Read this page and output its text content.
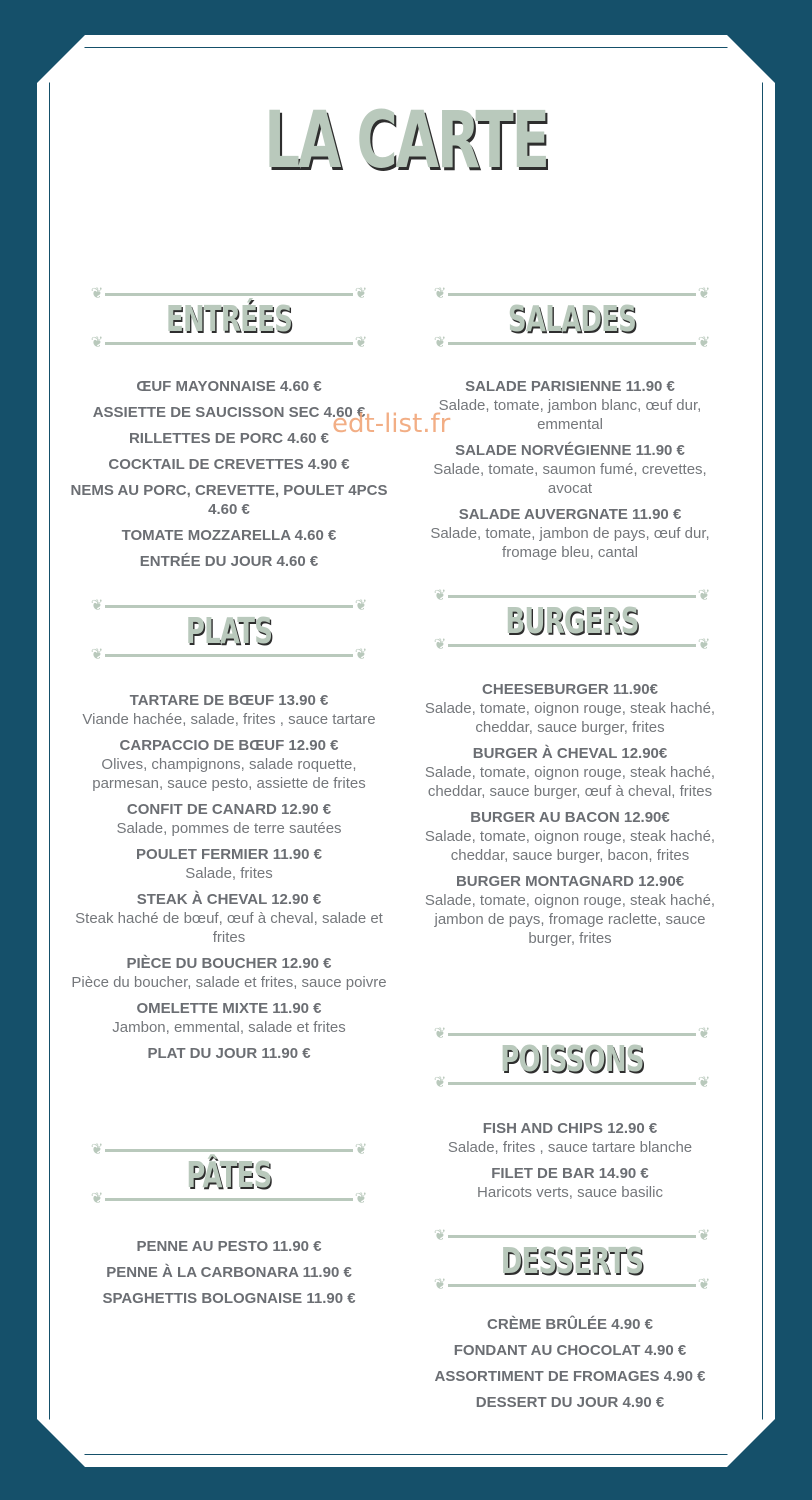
LA CARTE
❦	❦
❦	❦
ENTRÉES
ŒUF MAYONNAISE 4.60 €
ASSIETTE DE SAUCISSON SEC 4.60 €
RILLETTES DE PORC 4.60 €
COCKTAIL DE CREVETTES 4.90 €
NEMS AU PORC, CREVETTE, POULET 4PCS 4.60 €
TOMATE MOZZARELLA 4.60 €
ENTRÉE DU JOUR 4.60 €
❦	❦
❦	❦
PLATS
TARTARE DE BŒUF 13.90 €
Viande hachée, salade, frites , sauce tartare
CARPACCIO DE BŒUF 12.90 €
Olives, champignons, salade roquette, parmesan, sauce pesto, assiette de frites
CONFIT DE CANARD 12.90 €
Salade, pommes de terre sautées
POULET FERMIER 11.90 €
Salade, frites
STEAK À CHEVAL 12.90 €
Steak haché de bœuf, œuf à cheval, salade et frites
PIÈCE DU BOUCHER 12.90 €
Pièce du boucher, salade et frites, sauce poivre
OMELETTE MIXTE 11.90 €
Jambon, emmental, salade et frites
PLAT DU JOUR 11.90 €
❦	❦
❦	❦
PÂTES
PENNE AU PESTO 11.90 €
PENNE À LA CARBONARA 11.90 €
SPAGHETTIS BOLOGNAISE 11.90 €
❦	❦
❦	❦
SALADES
SALADE PARISIENNE 11.90 €
Salade, tomate, jambon blanc, œuf dur, emmental
SALADE NORVÉGIENNE 11.90 €
Salade, tomate, saumon fumé, crevettes, avocat
SALADE AUVERGNATE 11.90 €
Salade, tomate, jambon de pays, œuf dur, fromage bleu, cantal
❦	❦
❦	❦
BURGERS
CHEESEBURGER 11.90€
Salade, tomate, oignon rouge, steak haché, cheddar, sauce burger, frites
BURGER À CHEVAL 12.90€
Salade, tomate, oignon rouge, steak haché, cheddar, sauce burger, œuf à cheval, frites
BURGER AU BACON 12.90€
Salade, tomate, oignon rouge, steak haché, cheddar, sauce burger, bacon, frites
BURGER MONTAGNARD 12.90€
Salade, tomate, oignon rouge, steak haché, jambon de pays, fromage raclette, sauce burger, frites
❦	❦
❦	❦
POISSONS
FISH AND CHIPS 12.90 €
Salade, frites , sauce tartare blanche
FILET DE BAR 14.90 €
Haricots verts, sauce basilic
❦	❦
❦	❦
DESSERTS
CRÈME BRÛLÉE 4.90 €
FONDANT AU CHOCOLAT 4.90 €
ASSORTIMENT DE FROMAGES 4.90 €
DESSERT DU JOUR 4.90 €
edt-list.fr
